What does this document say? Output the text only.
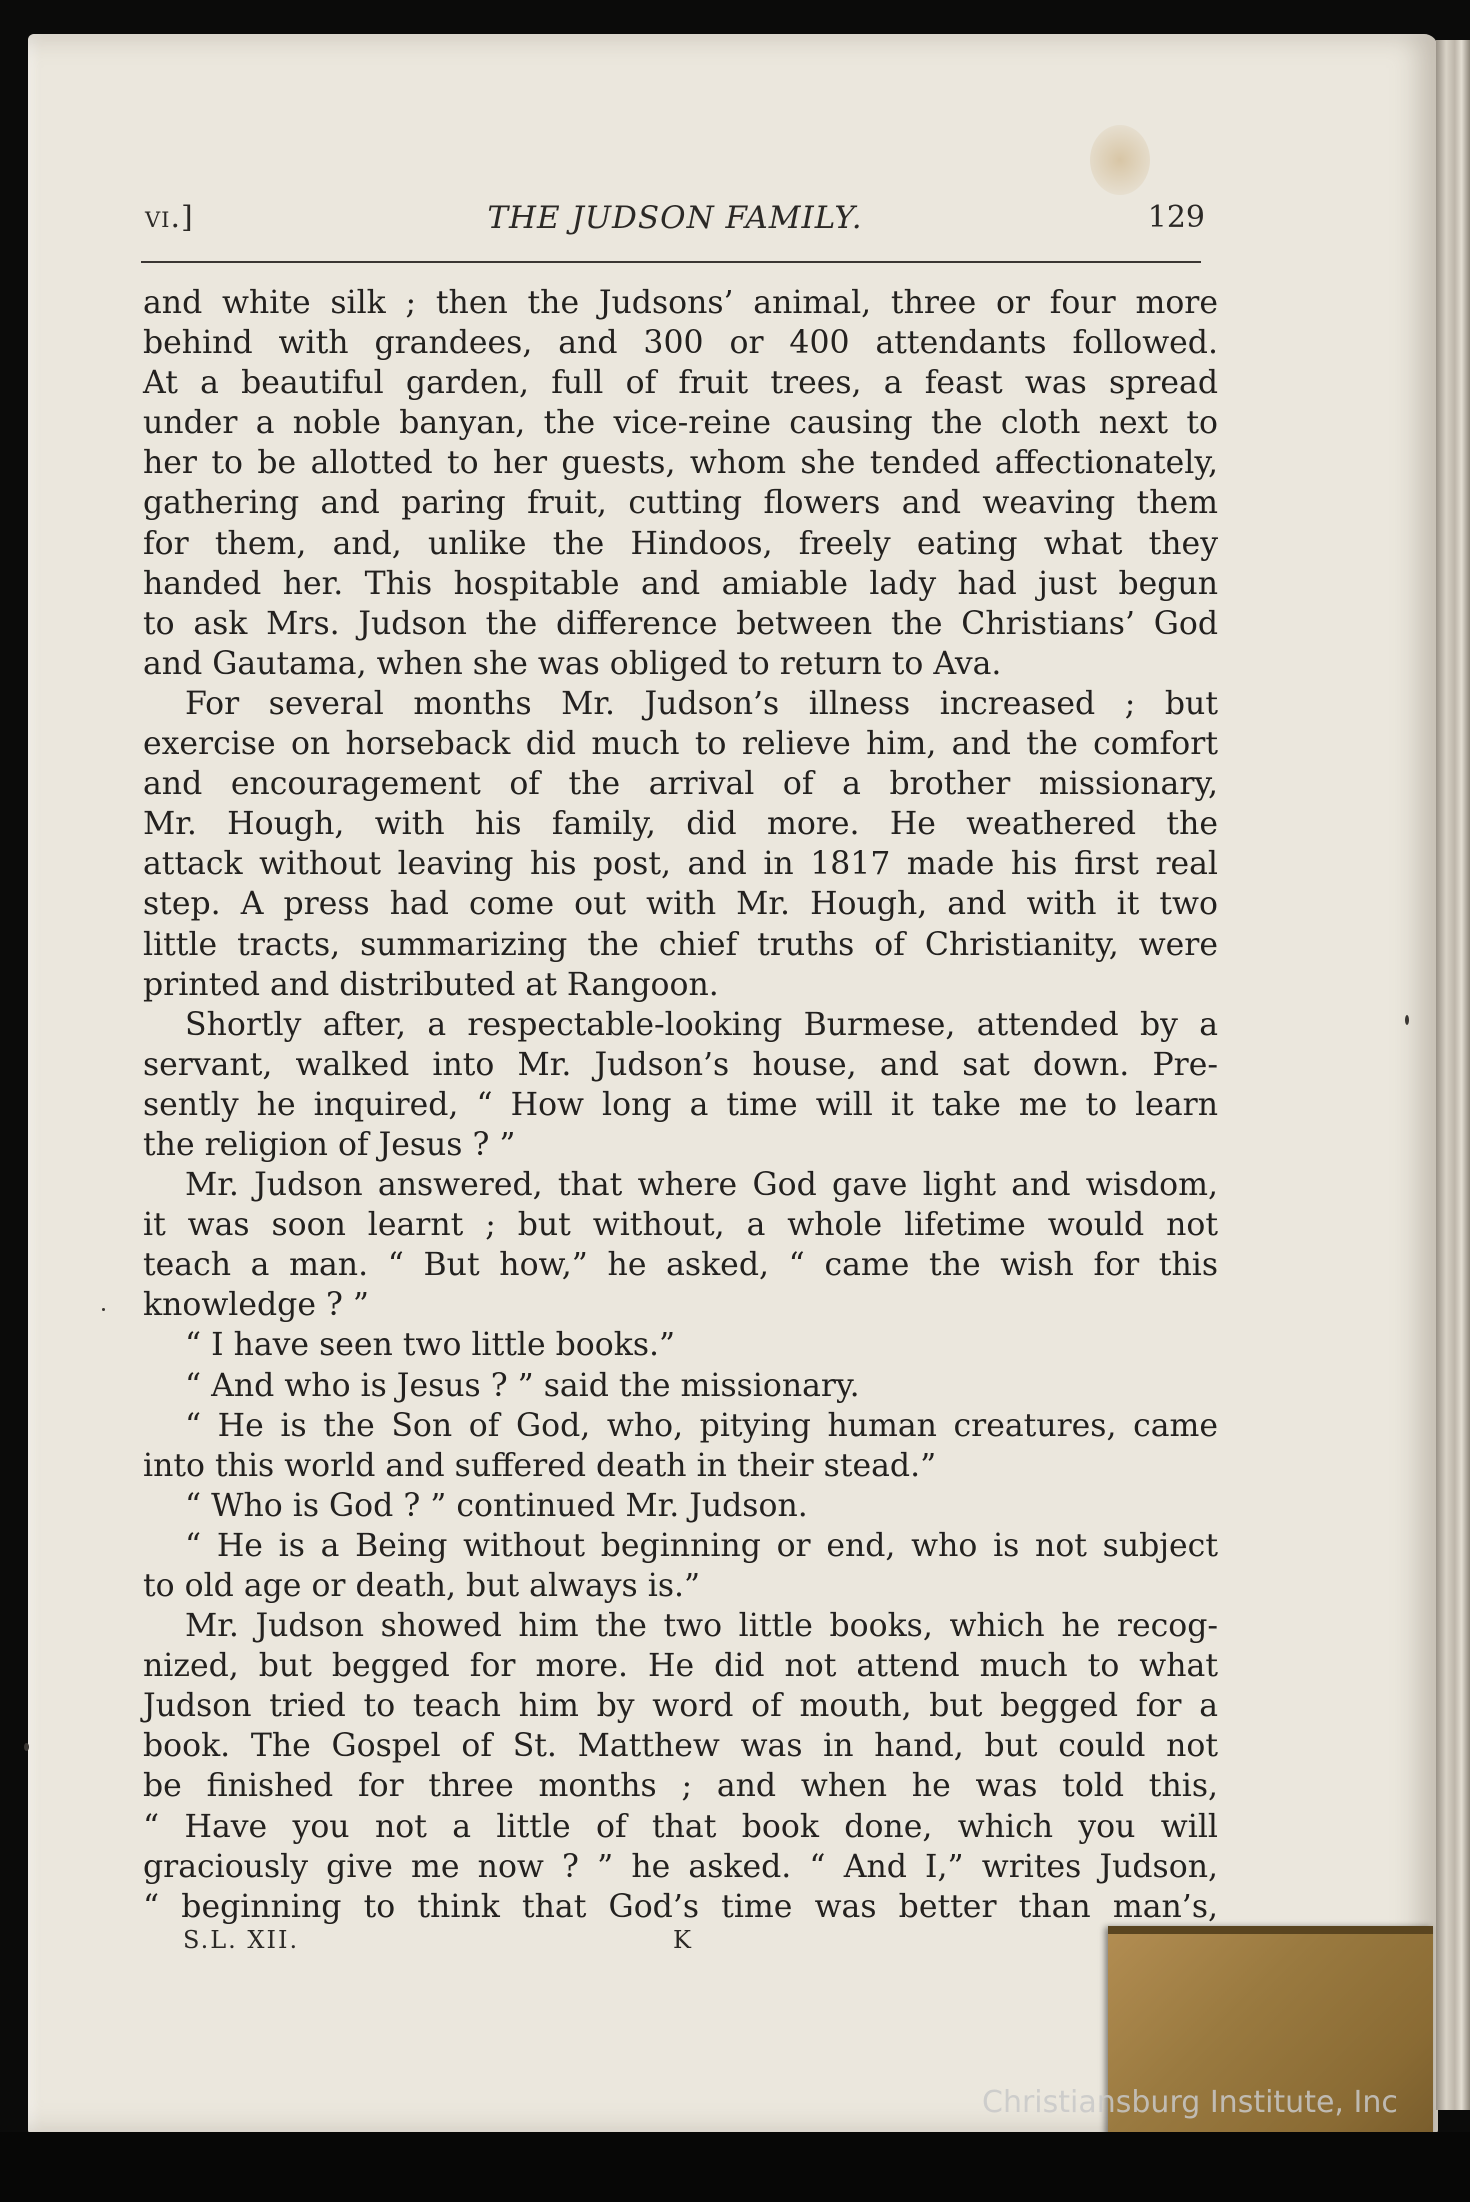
vi.]	THE JUDSON FAMILY.	129
and white silk ; then the Judsons’ animal, three or four more
behind with grandees, and 300 or 400 attendants followed.
At a beautiful garden, full of fruit trees, a feast was spread
under a noble banyan, the vice-reine causing the cloth next to
her to be allotted to her guests, whom she tended affectionately,
gathering and paring fruit, cutting flowers and weaving them
for them, and, unlike the Hindoos, freely eating what they
handed her. This hospitable and amiable lady had just begun
to ask Mrs. Judson the difference between the Christians’ God
and Gautama, when she was obliged to return to Ava.
For several months Mr. Judson’s illness increased ; but
exercise on horseback did much to relieve him, and the comfort
and encouragement of the arrival of a brother missionary,
Mr. Hough, with his family, did more. He weathered the
attack without leaving his post, and in 1817 made his first real
step. A press had come out with Mr. Hough, and with it two
little tracts, summarizing the chief truths of Christianity, were
printed and distributed at Rangoon.
Shortly after, a respectable-looking Burmese, attended by a
servant, walked into Mr. Judson’s house, and sat down. Pre-
sently he inquired, “ How long a time will it take me to learn
the religion of Jesus ? ”
Mr. Judson answered, that where God gave light and wisdom,
it was soon learnt ; but without, a whole lifetime would not
teach a man. “ But how,” he asked, “ came the wish for this
knowledge ? ”
“ I have seen two little books.”
“ And who is Jesus ? ” said the missionary.
“ He is the Son of God, who, pitying human creatures, came
into this world and suffered death in their stead.”
“ Who is God ? ” continued Mr. Judson.
“ He is a Being without beginning or end, who is not subject
to old age or death, but always is.”
Mr. Judson showed him the two little books, which he recog-
nized, but begged for more. He did not attend much to what
Judson tried to teach him by word of mouth, but begged for a
book. The Gospel of St. Matthew was in hand, but could not
be finished for three months ; and when he was told this,
“ Have you not a little of that book done, which you will
graciously give me now ? ” he asked. “ And I,” writes Judson,
“ beginning to think that God’s time was better than man’s,
S.L. XII.	K
Christiansburg Institute, Inc
